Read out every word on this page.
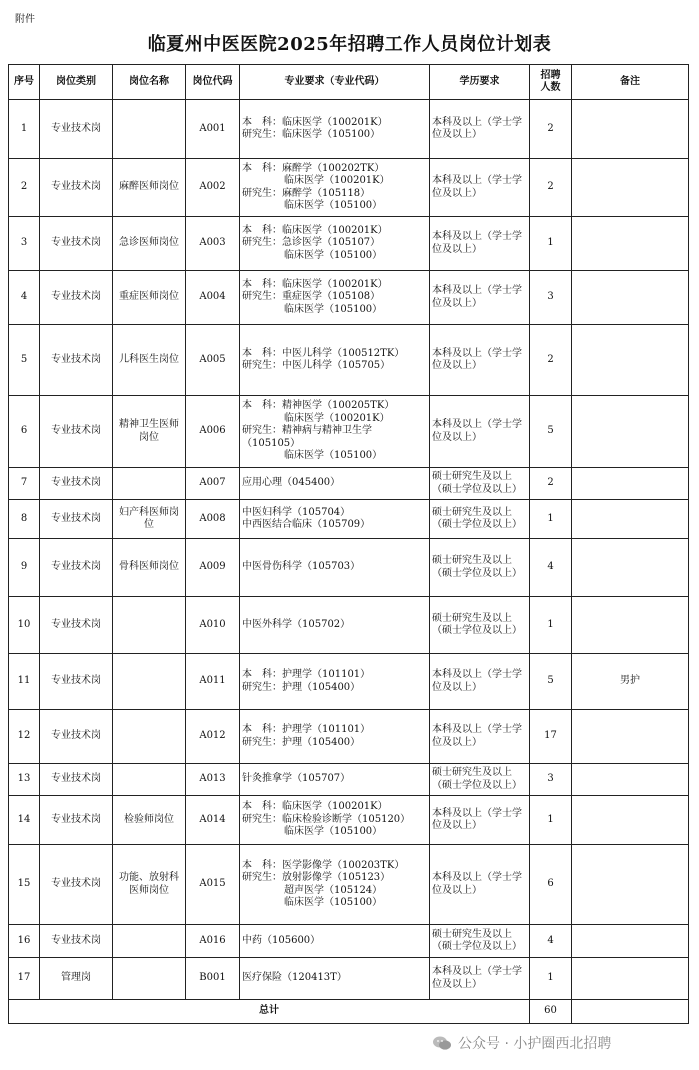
附件
临夏州中医医院2025年招聘工作人员岗位计划表
序号	岗位类别	岗位名称	岗位代码	专业要求（专业代码）	学历要求	招聘
人数	备注
1	专业技术岗		A001	本　科：临床医学（100201K）
研究生：临床医学（105100）	本科及以上（学士学
位及以上）	2	
2	专业技术岗	麻醉医师岗位	A002	本　科：麻醉学（100202TK）
临床医学（100201K）
研究生：麻醉学（105118）
临床医学（105100）	本科及以上（学士学
位及以上）	2	
3	专业技术岗	急诊医师岗位	A003	本　科：临床医学（100201K）
研究生：急诊医学（105107）
临床医学（105100）	本科及以上（学士学
位及以上）	1	
4	专业技术岗	重症医师岗位	A004	本　科：临床医学（100201K）
研究生：重症医学（105108）
临床医学（105100）	本科及以上（学士学
位及以上）	3	
5	专业技术岗	儿科医生岗位	A005	本　科：中医儿科学（100512TK）
研究生：中医儿科学（105705）	本科及以上（学士学
位及以上）	2	
6	专业技术岗	精神卫生医师岗位	A006	本　科：精神医学（100205TK）
临床医学（100201K）
研究生：精神病与精神卫生学
（105105）
临床医学（105100）	本科及以上（学士学
位及以上）	5	
7	专业技术岗		A007	应用心理（045400）	硕士研究生及以上
（硕士学位及以上）	2	
8	专业技术岗	妇产科医师岗位	A008	中医妇科学（105704）
中西医结合临床（105709）	硕士研究生及以上
（硕士学位及以上）	1	
9	专业技术岗	骨科医师岗位	A009	中医骨伤科学（105703）	硕士研究生及以上
（硕士学位及以上）	4	
10	专业技术岗		A010	中医外科学（105702）	硕士研究生及以上
（硕士学位及以上）	1	
11	专业技术岗		A011	本　科：护理学（101101）
研究生：护理（105400）	本科及以上（学士学
位及以上）	5	男护
12	专业技术岗		A012	本　科：护理学（101101）
研究生：护理（105400）	本科及以上（学士学
位及以上）	17	
13	专业技术岗		A013	针灸推拿学（105707）	硕士研究生及以上
（硕士学位及以上）	3	
14	专业技术岗	检验师岗位	A014	本　科：临床医学（100201K）
研究生：临床检验诊断学（105120）
临床医学（105100）	本科及以上（学士学
位及以上）	1	
15	专业技术岗	功能、放射科医师岗位	A015	本　科：医学影像学（100203TK）
研究生：放射影像学（105123）
超声医学（105124）
临床医学（105100）	本科及以上（学士学
位及以上）	6	
16	专业技术岗		A016	中药（105600）	硕士研究生及以上
（硕士学位及以上）	4	
17	管理岗		B001	医疗保险（120413T）	本科及以上（学士学
位及以上）	1	
总计						60	
公众号 · 小护圈西北招聘
